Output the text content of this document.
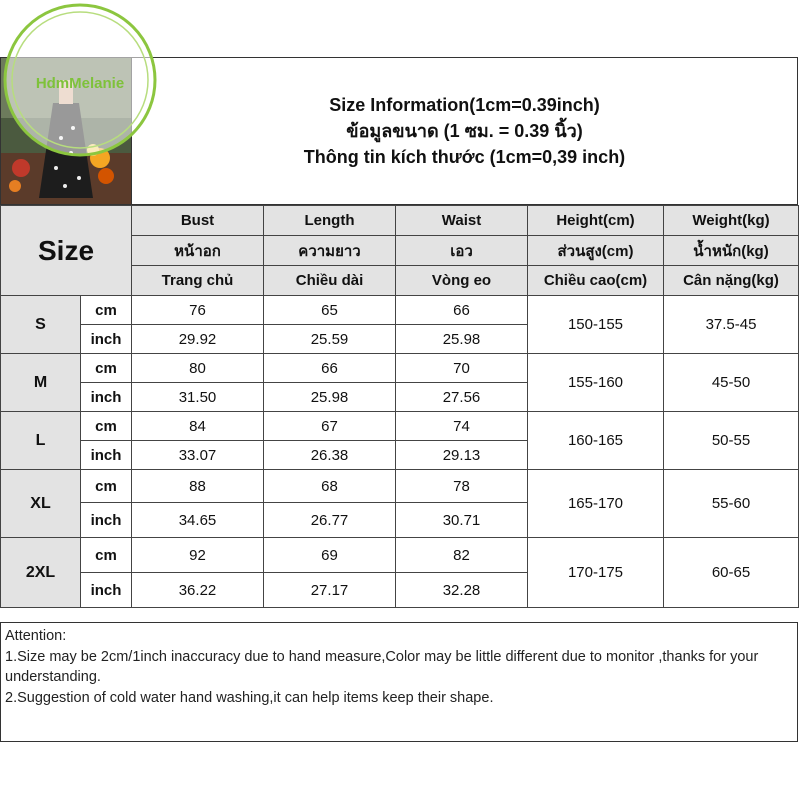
Size Information(1cm=0.39inch)
ข้อมูลขนาด (1 ซม. = 0.39 นิ้ว)
Thông tin kích thước (1cm=0,39 inch)
HdmMelanie
Size		Bust	Length	Waist	Height(cm)	Weight(kg)
		หน้าอก	ความยาว	เอว	ส่วนสูง(cm)	น้ำหนัก(kg)
		Trang chủ	Chiều dài	Vòng eo	Chiều cao(cm)	Cân nặng(kg)
S	cm	76	65	66	150-155	37.5-45
	inch	29.92	25.59	25.98		
M	cm	80	66	70	155-160	45-50
	inch	31.50	25.98	27.56		
L	cm	84	67	74	160-165	50-55
	inch	33.07	26.38	29.13		
XL	cm	88	68	78	165-170	55-60
	inch	34.65	26.77	30.71		
2XL	cm	92	69	82	170-175	60-65
	inch	36.22	27.17	32.28		
Attention:
1.Size may be 2cm/1inch inaccuracy due to hand measure,Color may be little different due to monitor ,thanks for your understanding.
2.Suggestion of cold water hand washing,it can help items keep their shape.
